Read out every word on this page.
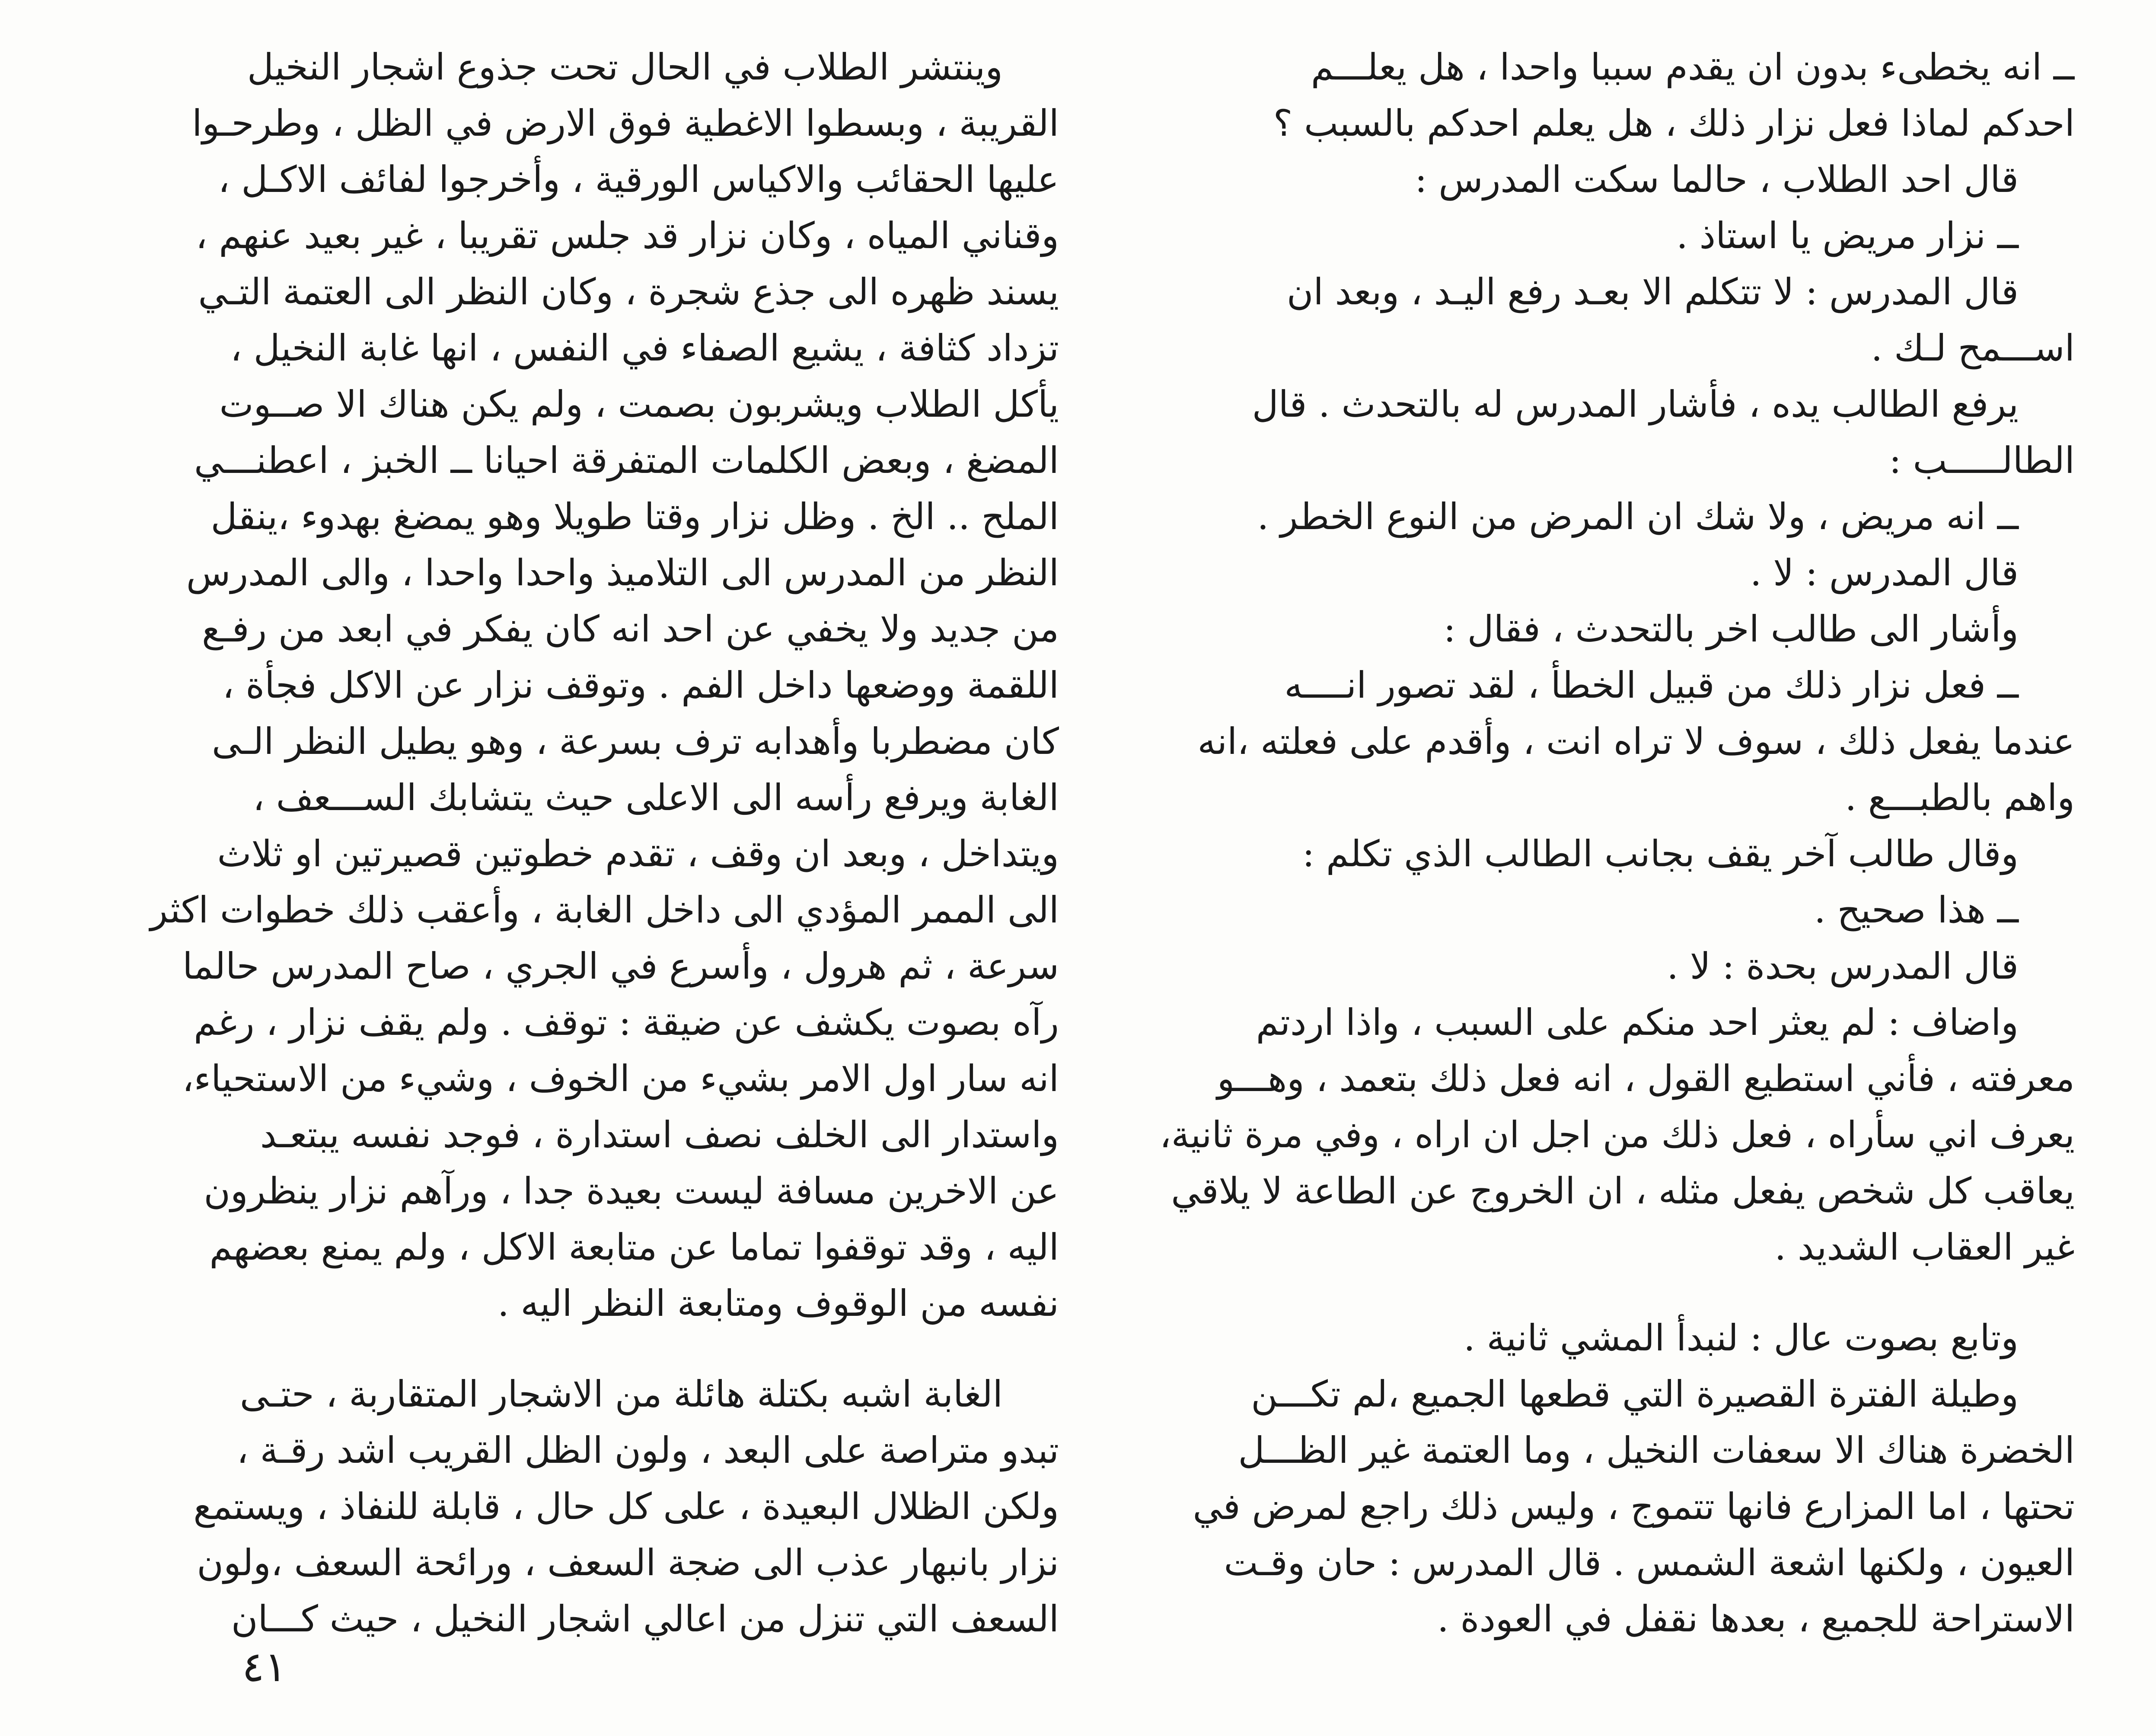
ــ انه يخطىء بدون ان يقدم سببا واحدا ، هل يعلـــم
احدكم لماذا فعل نزار ذلك ، هل يعلم احدكم بالسبب ؟
قال احد الطلاب ، حالما سكت المدرس :
ــ نزار مريض يا استاذ .
قال المدرس : لا تتكلم الا بعـد رفع اليـد ، وبعد ان
اســـمح لـك .
يرفع الطالب يده ، فأشار المدرس له بالتحدث . قال
الطالـــــب :
ــ انه مريض ، ولا شك ان المرض من النوع الخطر .
قال المدرس : لا .
وأشار الى طالب اخر بالتحدث ، فقال :
ــ فعل نزار ذلك من قبيل الخطأ ، لقد تصور انــــه
عندما يفعل ذلك ، سوف لا تراه انت ، وأقدم على فعلته ،انه
واهم بالطبـــع .
وقال طالب آخر يقف بجانب الطالب الذي تكلم :
ــ هذا صحيح .
قال المدرس بحدة : لا .
واضاف : لم يعثر احد منكم على السبب ، واذا اردتم
معرفته ، فأني استطيع القول ، انه فعل ذلك بتعمد ، وهـــو
يعرف اني سأراه ، فعل ذلك من اجل ان اراه ، وفي مرة ثانية،
يعاقب كل شخص يفعل مثله ، ان الخروج عن الطاعة لا يلاقي
غير العقاب الشديد .
وتابع بصوت عال : لنبدأ المشي ثانية .
وطيلة الفترة القصيرة التي قطعها الجميع ،لم تكـــن
الخضرة هناك الا سعفات النخيل ، وما العتمة غير الظـــل
تحتها ، اما المزارع فانها تتموج ، وليس ذلك راجع لمرض في
العيون ، ولكنها اشعة الشمس . قال المدرس : حان وقـت
الاستراحة للجميع ، بعدها نقفل في العودة .
وينتشر الطلاب في الحال تحت جذوع اشجار النخيل
القريبة ، وبسطوا الاغطية فوق الارض في الظل ، وطرحـوا
عليها الحقائب والاكياس الورقية ، وأخرجوا لفائف الاكـل ،
وقناني المياه ، وكان نزار قد جلس تقريبا ، غير بعيد عنهم ،
يسند ظهره الى جذع شجرة ، وكان النظر الى العتمة التـي
تزداد كثافة ، يشيع الصفاء في النفس ، انها غابة النخيل ،
يأكل الطلاب ويشربون بصمت ، ولم يكن هناك الا صــوت
المضغ ، وبعض الكلمات المتفرقة احيانا ــ الخبز ، اعطنـــي
الملح .. الخ . وظل نزار وقتا طويلا وهو يمضغ بهدوء ،ينقل
النظر من المدرس الى التلاميذ واحدا واحدا ، والى المدرس
من جديد ولا يخفي عن احد انه كان يفكر في ابعد من رفـع
اللقمة ووضعها داخل الفم . وتوقف نزار عن الاكل فجأة ،
كان مضطربا وأهدابه ترف بسرعة ، وهو يطيل النظر الـى
الغابة ويرفع رأسه الى الاعلى حيث يتشابك الســـعف ،
ويتداخل ، وبعد ان وقف ، تقدم خطوتين قصيرتين او ثلاث
الى الممر المؤدي الى داخل الغابة ، وأعقب ذلك خطوات اكثر
سرعة ، ثم هرول ، وأسرع في الجري ، صاح المدرس حالما
رآه بصوت يكشف عن ضيقة : توقف . ولم يقف نزار ، رغم
انه سار اول الامر بشيء من الخوف ، وشيء من الاستحياء،
واستدار الى الخلف نصف استدارة ، فوجد نفسه يبتعـد
عن الاخرين مسافة ليست بعيدة جدا ، ورآهم نزار ينظرون
اليه ، وقد توقفوا تماما عن متابعة الاكل ، ولم يمنع بعضهم
نفسه من الوقوف ومتابعة النظر اليه .
الغابة اشبه بكتلة هائلة من الاشجار المتقاربة ، حتـى
تبدو متراصة على البعد ، ولون الظل القريب اشد رقـة ،
ولكن الظلال البعيدة ، على كل حال ، قابلة للنفاذ ، ويستمع
نزار بانبهار عذب الى ضجة السعف ، ورائحة السعف ،ولون
السعف التي تنزل من اعالي اشجار النخيل ، حيث كـــان
٤١
